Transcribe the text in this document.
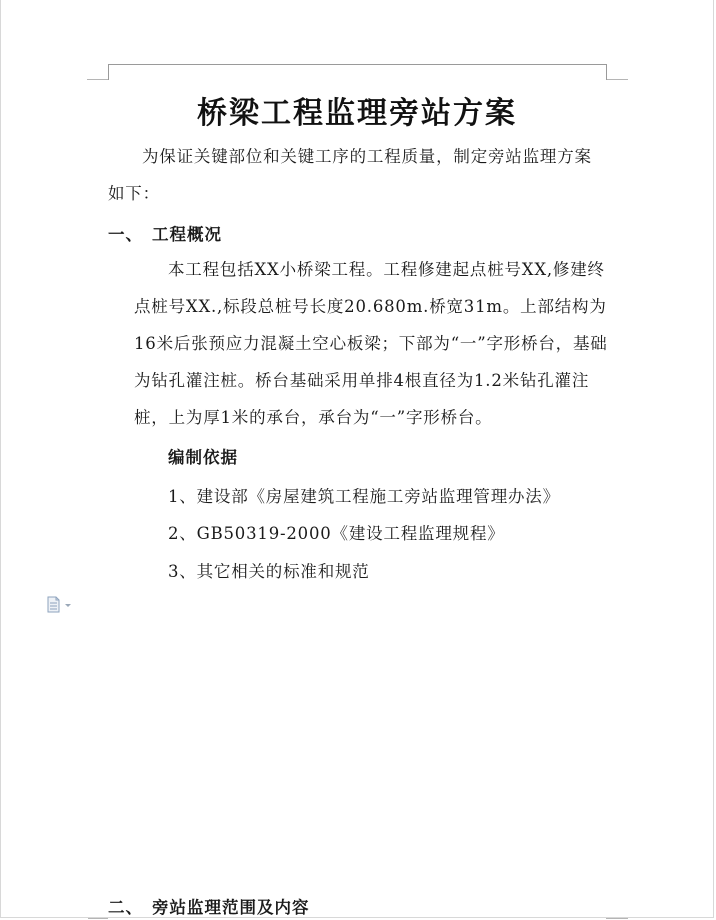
桥梁工程监理旁站方案
为保证关键部位和关键工序的工程质量，制定旁站监理方案如下：
一、 工程概况
本工程包括XX小桥梁工程。工程修建起点桩号XX,修建终点桩号XX.,标段总桩号长度20.680m.桥宽31m。上部结构为16米后张预应力混凝土空心板梁；下部为“一”字形桥台，基础为钻孔灌注桩。桥台基础采用单排4根直径为1.2米钻孔灌注桩，上为厚1米的承台，承台为“一”字形桥台。
编制依据
1、建设部《房屋建筑工程施工旁站监理管理办法》
2、GB50319-2000《建设工程监理规程》
3、其它相关的标准和规范
二、 旁站监理范围及内容
